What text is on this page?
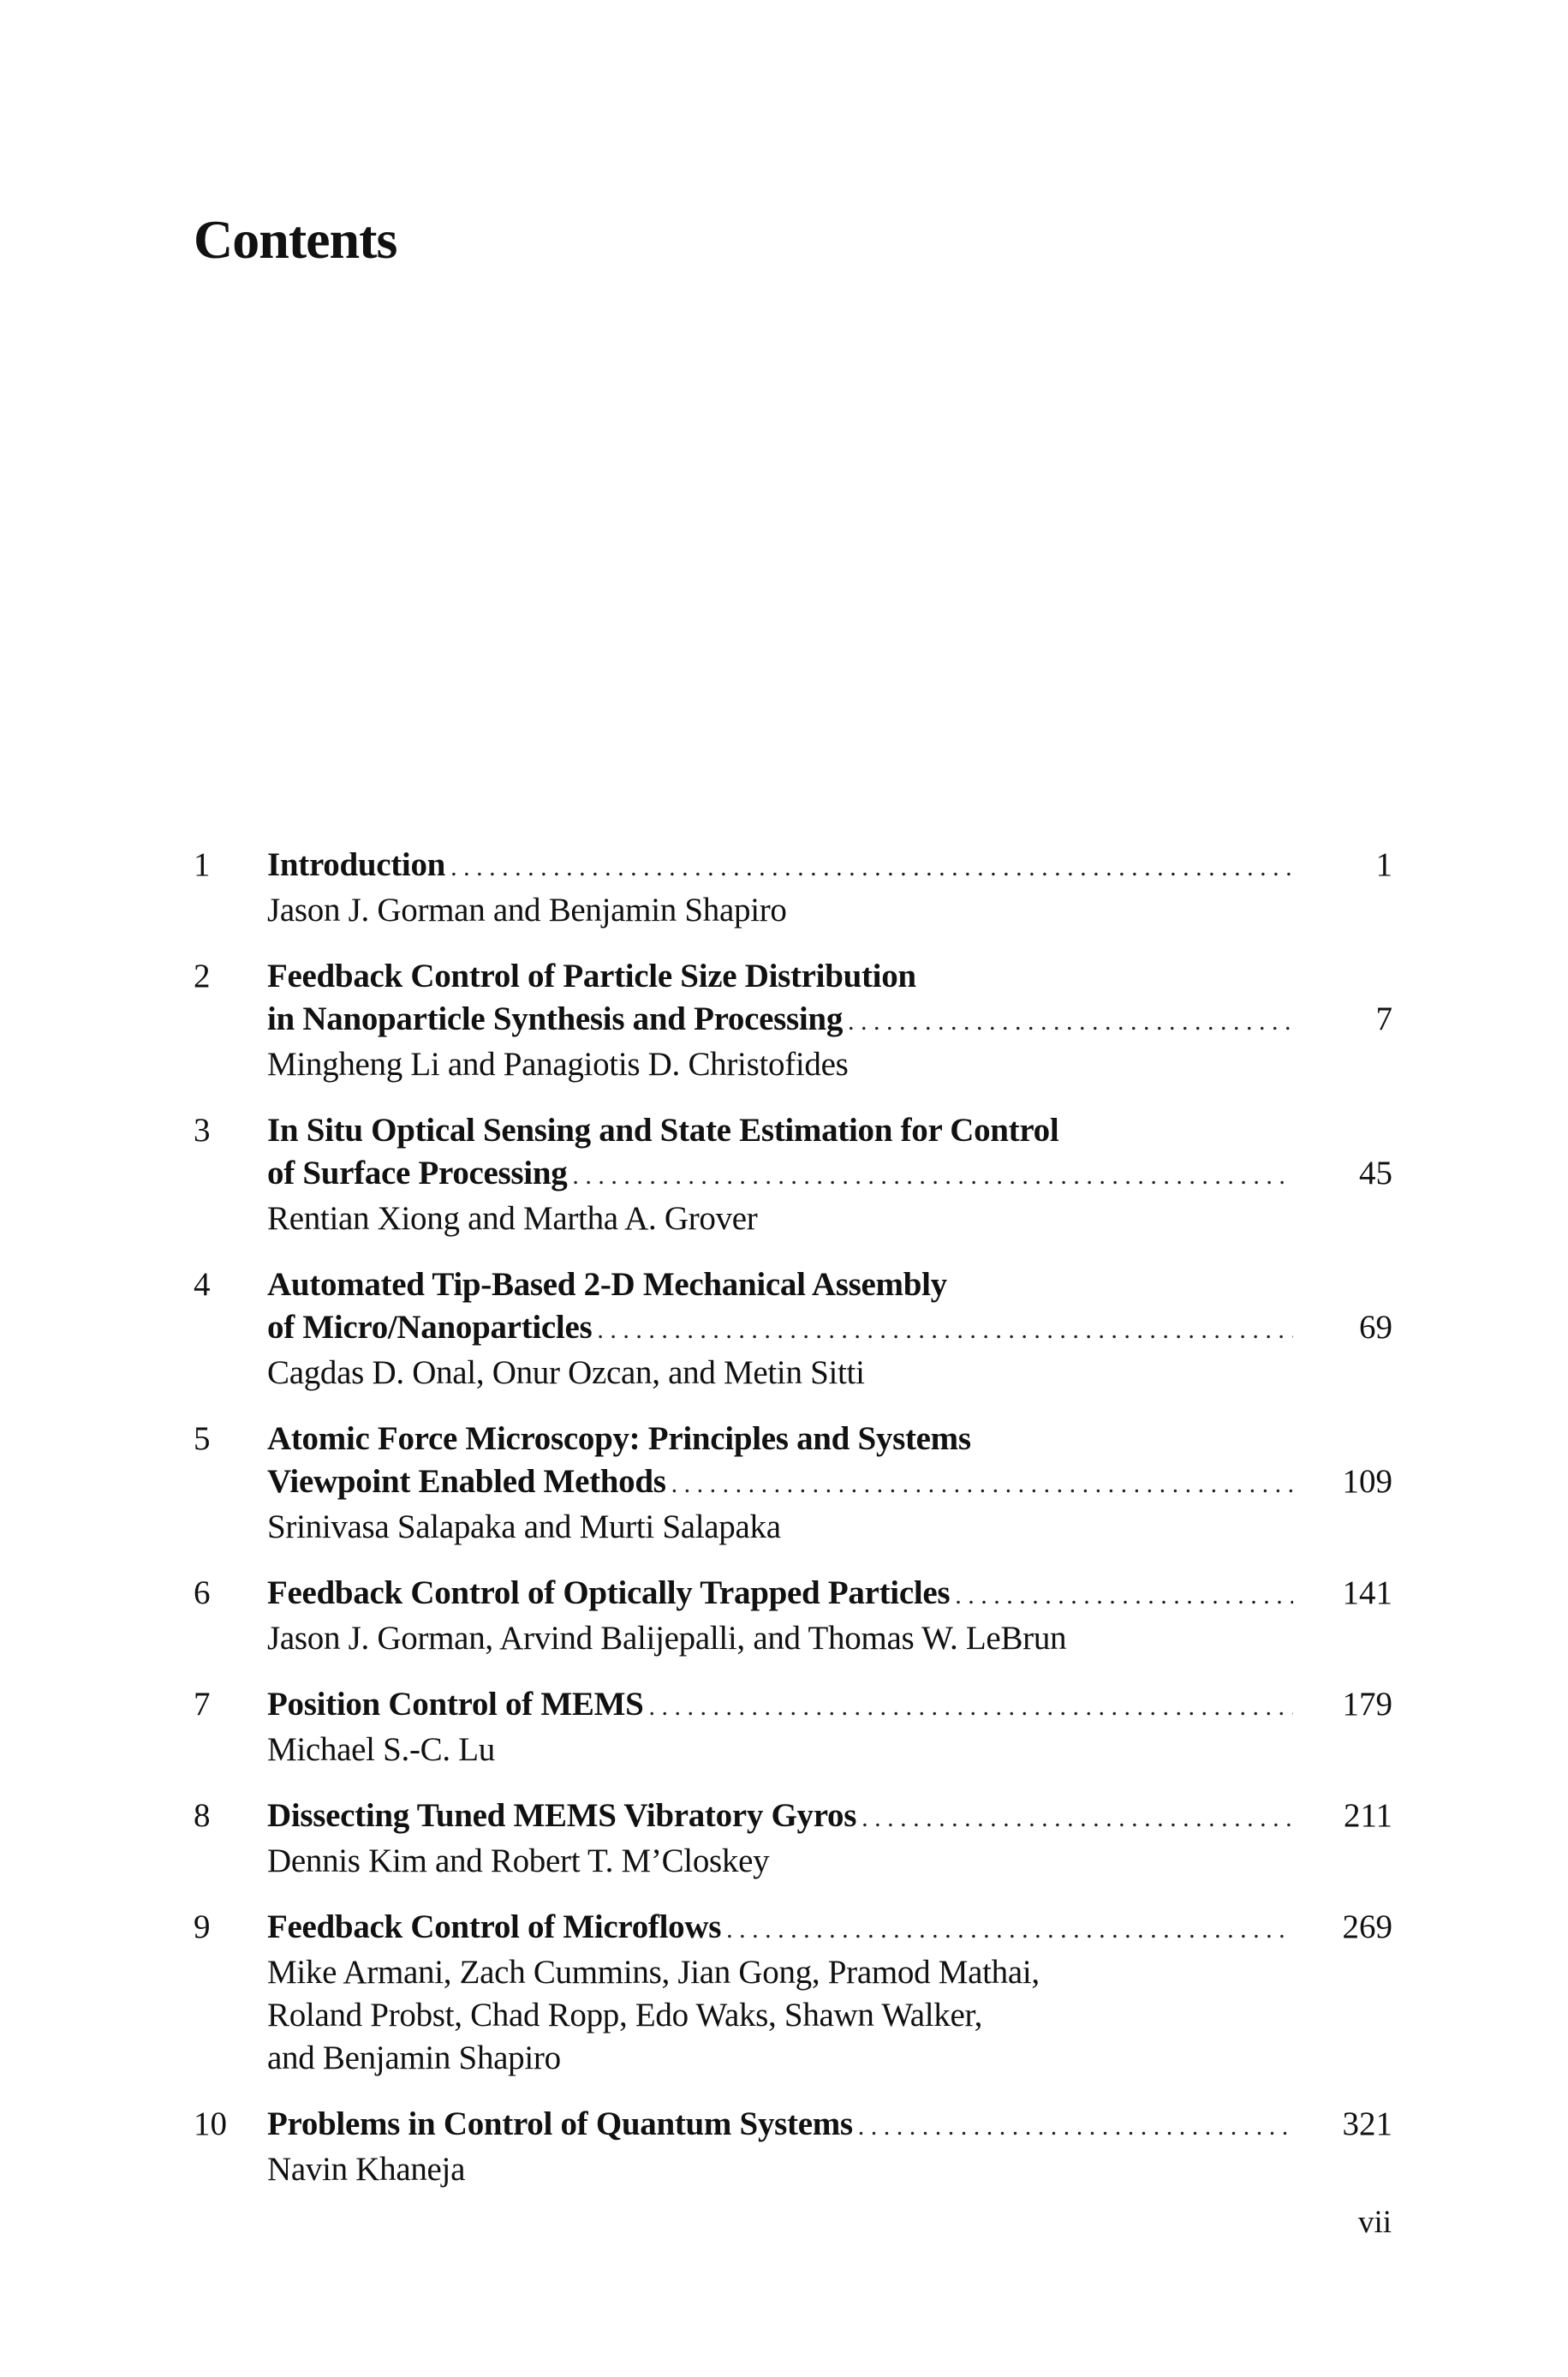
Contents
1 Introduction . . .	1
Jason J. Gorman and Benjamin Shapiro
2 Feedback Control of Particle Size Distribution
in Nanoparticle Synthesis and Processing . . .	7
Mingheng Li and Panagiotis D. Christofides
3 In Situ Optical Sensing and State Estimation for Control
of Surface Processing . . .	45
Rentian Xiong and Martha A. Grover
4 Automated Tip-Based 2-D Mechanical Assembly
of Micro/Nanoparticles . . .	69
Cagdas D. Onal, Onur Ozcan, and Metin Sitti
5 Atomic Force Microscopy: Principles and Systems
Viewpoint Enabled Methods . . .	109
Srinivasa Salapaka and Murti Salapaka
6 Feedback Control of Optically Trapped Particles . . .	141
Jason J. Gorman, Arvind Balijepalli, and Thomas W. LeBrun
7 Position Control of MEMS . . .	179
Michael S.-C. Lu
8 Dissecting Tuned MEMS Vibratory Gyros . . .	211
Dennis Kim and Robert T. M’Closkey
9 Feedback Control of Microflows . . .	269
Mike Armani, Zach Cummins, Jian Gong, Pramod Mathai,
Roland Probst, Chad Ropp, Edo Waks, Shawn Walker,
and Benjamin Shapiro
10 Problems in Control of Quantum Systems . . .	321
Navin Khaneja
vii
